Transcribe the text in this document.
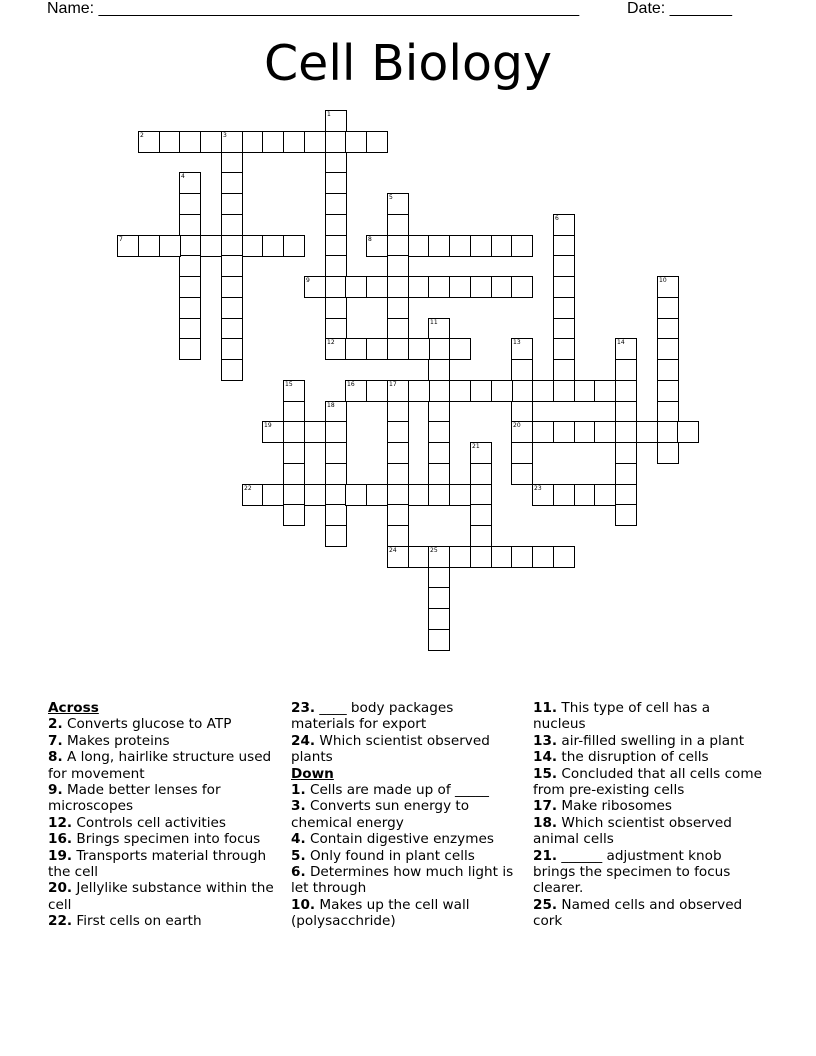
Name: ______________________________________________________	Date: _______
Cell Biology
1
12
2	3
4
5
6
7	8
9	10
11
13
20
14
15	16	17
24
18
19
21
22	23
25
Across

2. Converts glucose to ATP

7. Makes proteins

8. A long, hairlike structure used for movement

9. Made better lenses for microscopes

12. Controls cell activities

16. Brings specimen into focus

19. Transports material through the cell

20. Jellylike substance within the cell

22. First cells on earth

23. ____ body packages materials for export

24. Which scientist observed plants

Down

1. Cells are made up of _____

3. Converts sun energy to chemical energy

4. Contain digestive enzymes

5. Only found in plant cells

6. Determines how much light is let through

10. Makes up the cell wall (polysacchride)

11. This type of cell has a nucleus

13. air-filled swelling in a plant

14. the disruption of cells

15. Concluded that all cells come from pre-existing cells

17. Make ribosomes

18. Which scientist observed animal cells

21. ______ adjustment knob brings the specimen to focus clearer.

25. Named cells and observed cork
